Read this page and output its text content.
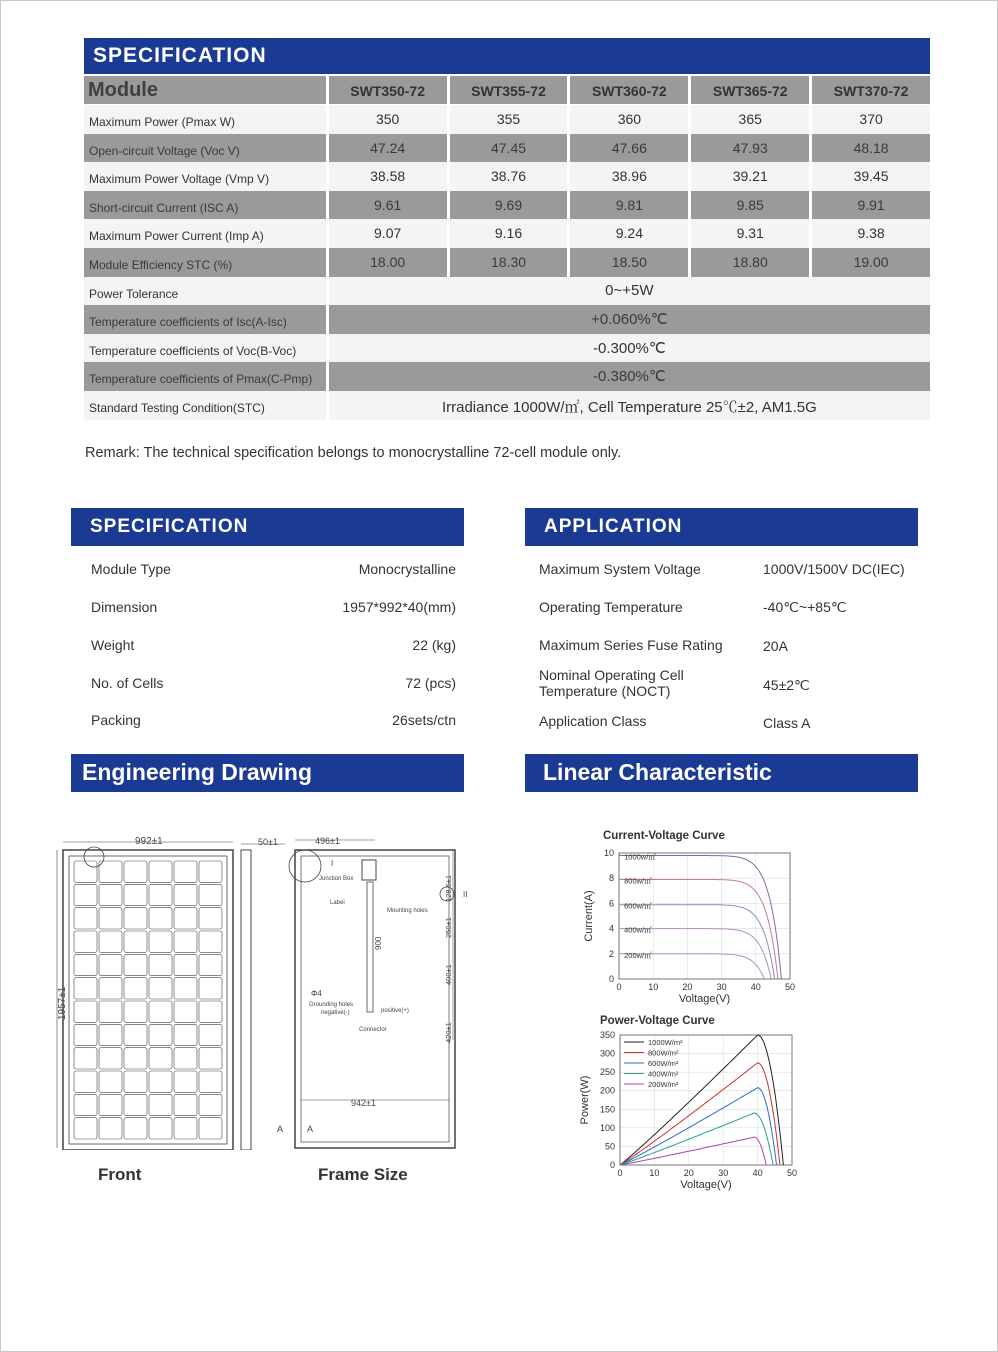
SPECIFICATION
Module	SWT350-72	SWT355-72	SWT360-72	SWT365-72	SWT370-72
Maximum Power (Pmax W)	350	355	360	365	370
Open-circuit Voltage (Voc V)	47.24	47.45	47.66	47.93	48.18
Maximum Power Voltage (Vmp V)	38.58	38.76	38.96	39.21	39.45
Short-circuit Current (ISC A)	9.61	9.69	9.81	9.85	9.91
Maximum Power Current (Imp A)	9.07	9.16	9.24	9.31	9.38
Module Efficiency STC (%)	18.00	18.30	18.50	18.80	19.00
Power Tolerance	0~+5W
Temperature coefficients of Isc(A-Isc)	+0.060%℃
Temperature coefficients of Voc(B-Voc)	-0.300%℃
Temperature coefficients of Pmax(C-Pmp)	-0.380%℃
Standard Testing Condition(STC)	Irradiance 1000W/㎡, Cell Temperature 25℃±2, AM1.5G
Remark: The technical specification belongs to monocrystalline 72-cell module only.
SPECIFICATION	APPLICATION
Module Type	Monocrystalline
Dimension	1957*992*40(mm)
Weight	22 (kg)
No. of Cells	72 (pcs)
Packing	26sets/ctn
Maximum System Voltage	1000V/1500V DC(IEC)
Operating Temperature	-40℃~+85℃
Maximum Series Fuse Rating	20A
Nominal Operating Cell
Temperature (NOCT)	45±2℃
Application Class	Class A
Engineering Drawing	Linear Characteristic
992±1
1957±1
50±1	496±1
942±1
900
128.5±1
250±1
400±1
420±1
Φ4
Junction Box
Label
Mounting holes
Grounding holes
negative(-)	positive(+)
Connector
I
II
A	A
Front	Frame Size
0
2
4
6
8
10
0	10	20	30	40	50
Current-Voltage Curve
Voltage(V)
Current(A)
1000w/㎡
800w/㎡
600w/㎡
400w/㎡
200w/㎡
0
50
100
150
200
250
300
350
0	10	20	30	40	50
Power-Voltage Curve
Voltage(V)
Power(W)
1000W/m²
800W/m²
600W/m²
400W/m²
200W/m²
